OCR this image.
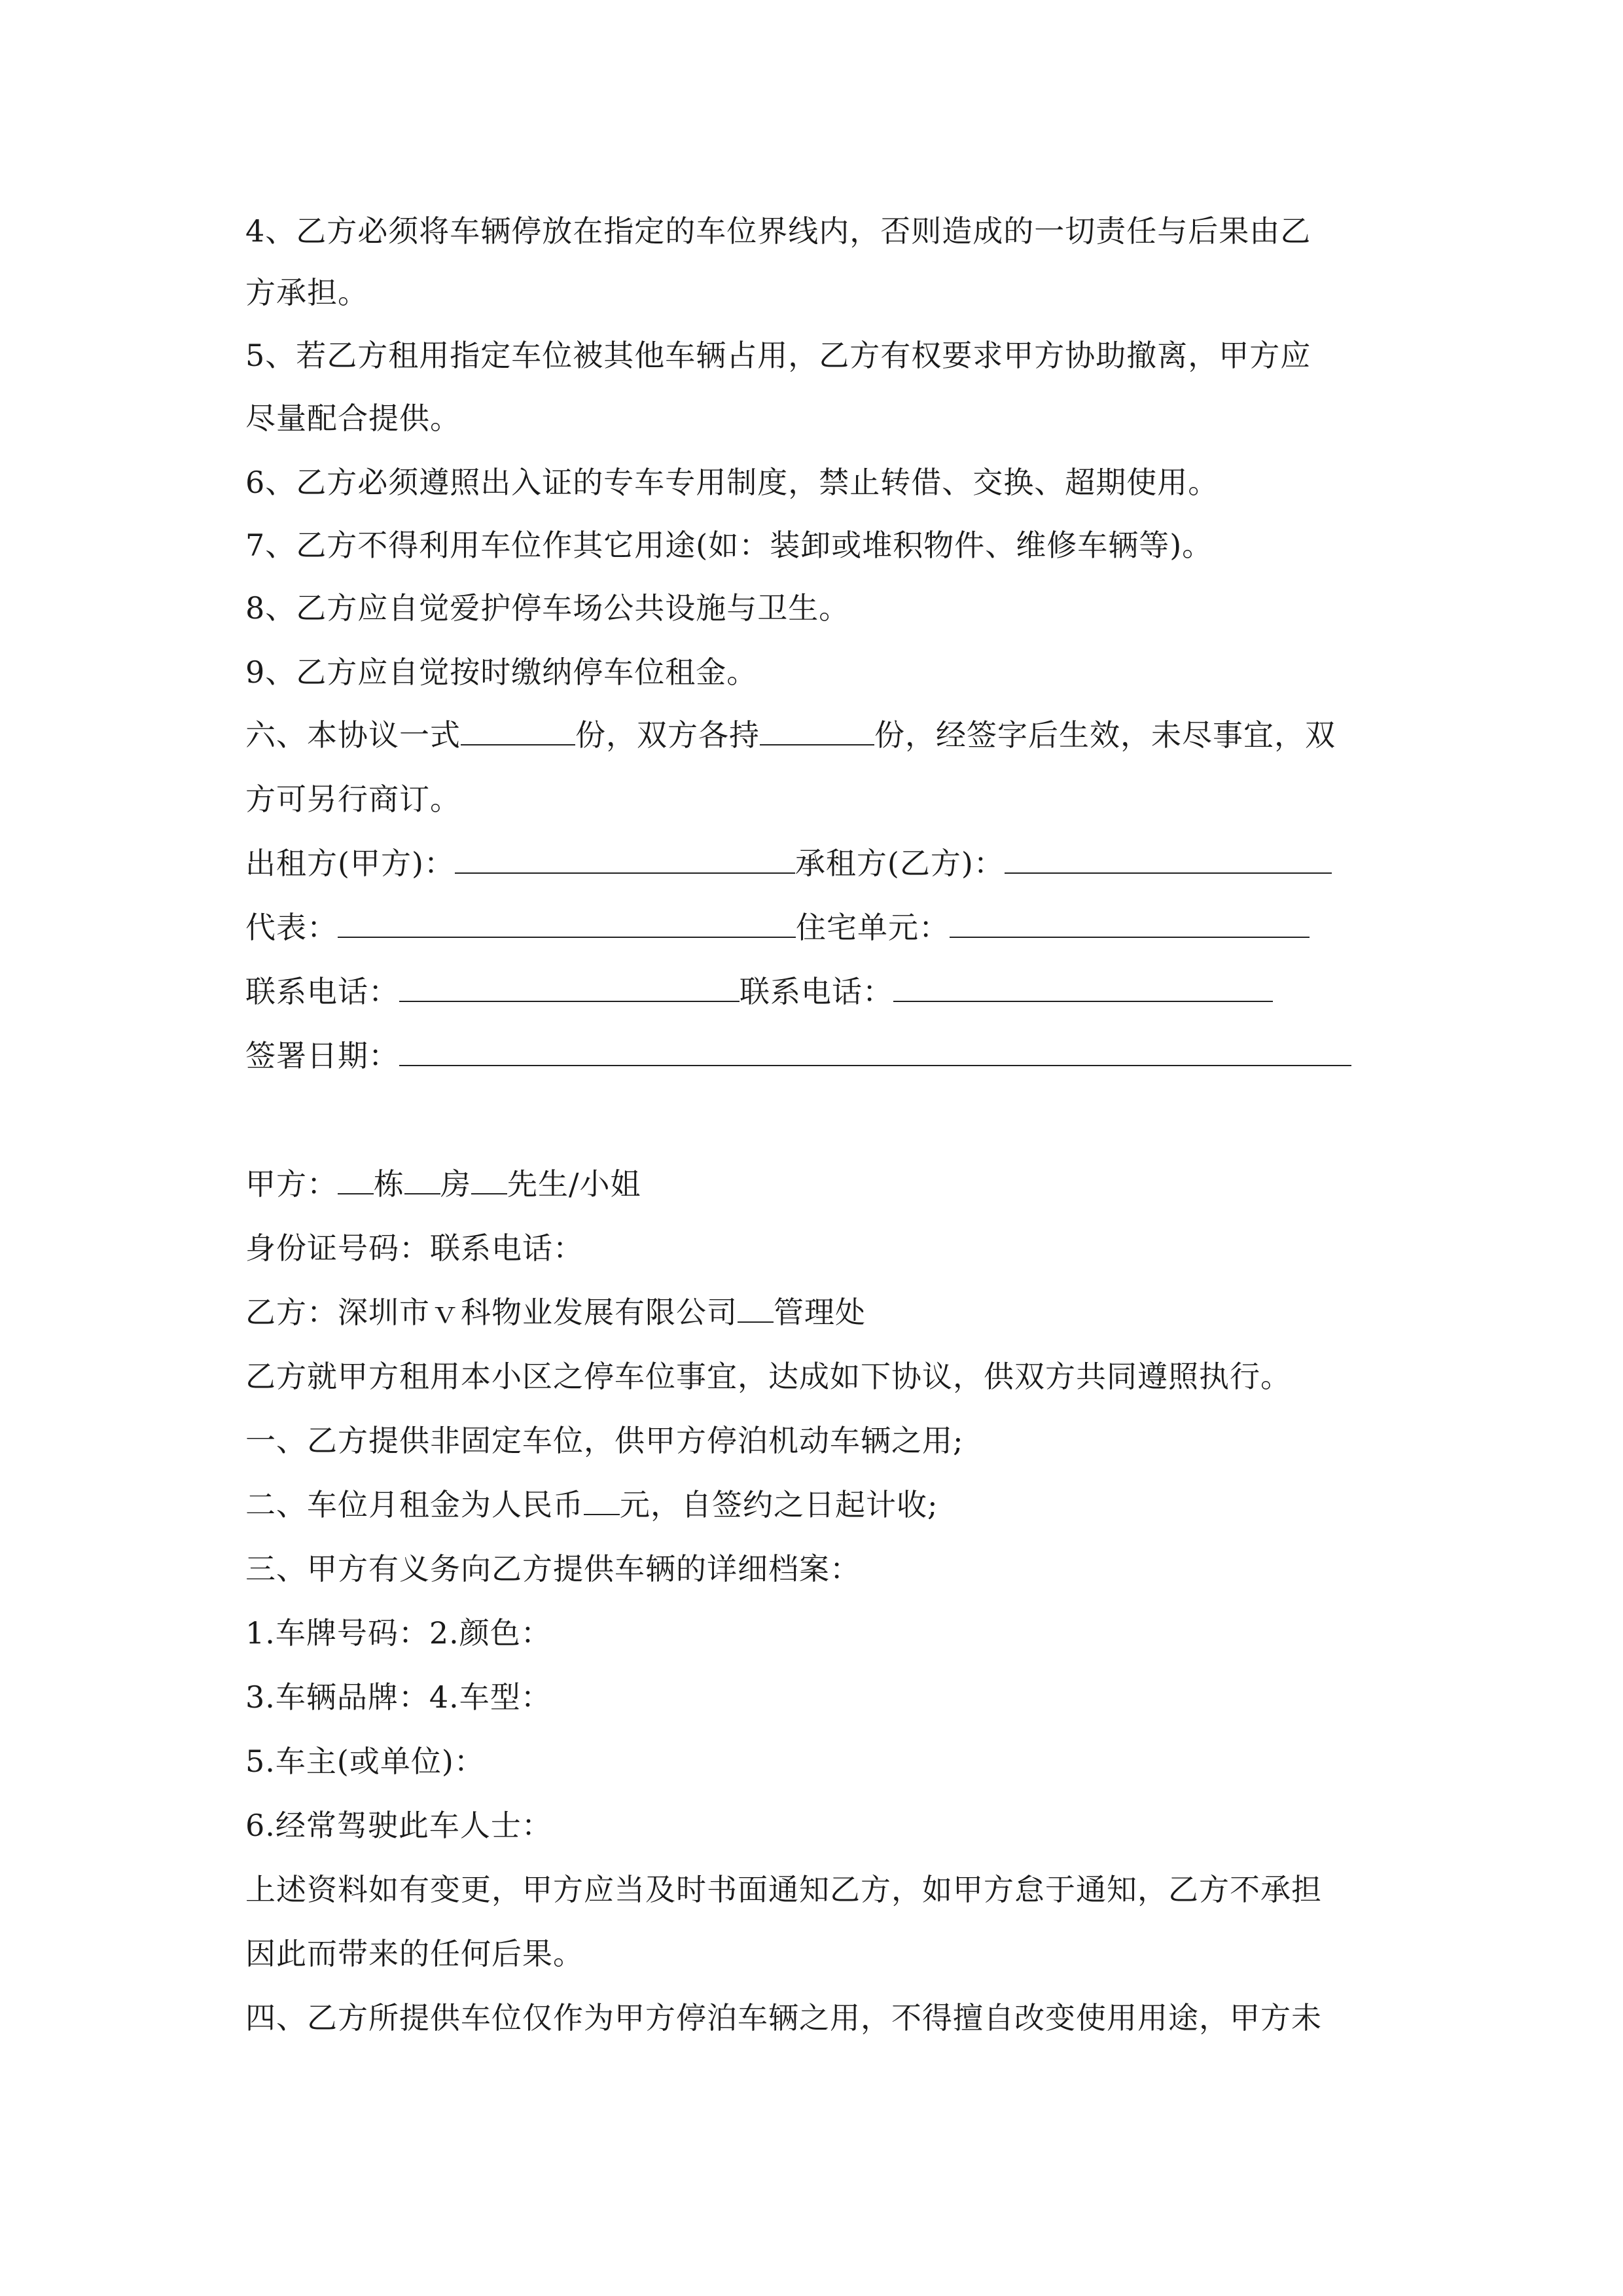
4、乙方必须将车辆停放在指定的车位界线内，否则造成的一切责任与后果由乙
方承担。
5、若乙方租用指定车位被其他车辆占用，乙方有权要求甲方协助撤离，甲方应
尽量配合提供。
6、乙方必须遵照出入证的专车专用制度，禁止转借、交换、超期使用。
7、乙方不得利用车位作其它用途(如：装卸或堆积物件、维修车辆等)。
8、乙方应自觉爱护停车场公共设施与卫生。
9、乙方应自觉按时缴纳停车位租金。
六、本协议一式	份，双方各持	份，经签字后生效，未尽事宜，双
方可另行商订。
出租方(甲方)：	承租方(乙方)：
代表：	住宅单元：
联系电话：	联系电话：
签署日期：
甲方： 栋 房 先生/小姐
身份证号码：联系电话：
乙方：深圳市ｖ科物业发展有限公司 管理处
乙方就甲方租用本小区之停车位事宜，达成如下协议，供双方共同遵照执行。
一、乙方提供非固定车位，供甲方停泊机动车辆之用;
二、车位月租金为人民币 元，自签约之日起计收;
三、甲方有义务向乙方提供车辆的详细档案：
1.车牌号码：2.颜色：
3.车辆品牌：4.车型：
5.车主(或单位)：
6.经常驾驶此车人士：
上述资料如有变更，甲方应当及时书面通知乙方，如甲方怠于通知，乙方不承担
因此而带来的任何后果。
四、乙方所提供车位仅作为甲方停泊车辆之用，不得擅自改变使用用途，甲方未
